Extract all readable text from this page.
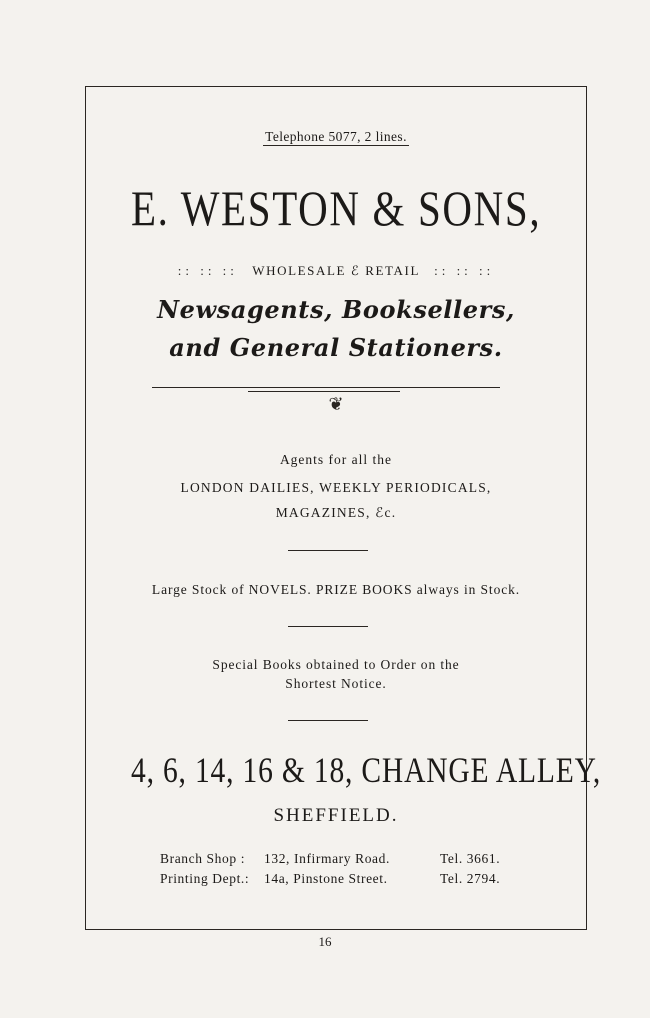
Telephone 5077, 2 lines.
E. WESTON & SONS,
:: :: :: WHOLESALE ℰ RETAIL :: :: ::
Newsagents, Booksellers,
and General Stationers.
❦
Agents for all the
LONDON DAILIES, WEEKLY PERIODICALS,
MAGAZINES, ℰc.
Large Stock of NOVELS. PRIZE BOOKS always in Stock.
Special Books obtained to Order on the
Shortest Notice.
4, 6, 14, 16 & 18, CHANGE ALLEY,
SHEFFIELD.
Branch Shop :	132, Infirmary Road.	Tel. 3661.
Printing Dept.:	14a, Pinstone Street.	Tel. 2794.
16
